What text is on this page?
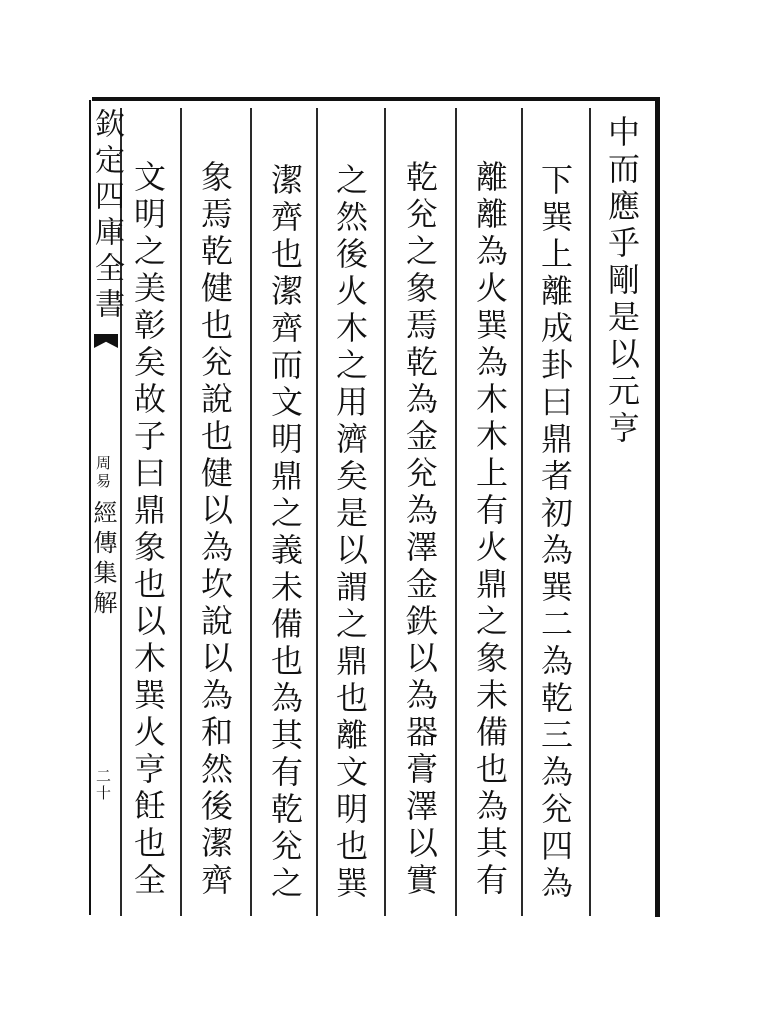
中而應乎剛是以元亨
下巽上離成卦曰鼎者初為巽二為乾三為兊四為
離離為火巽為木木上有火鼎之象未備也為其有
乾兊之象焉乾為金兊為澤金鉄以為器膏澤以實
之然後火木之用濟矣是以謂之鼎也離文明也巽
潔齊也潔齊而文明鼎之義未備也為其有乾兊之
象焉乾健也兊說也健以為坎說以為和然後潔齊
文明之美彰矣故子曰鼎象也以木巽火亨飪也全
欽定四庫全書
周易
經傳集解
二十
